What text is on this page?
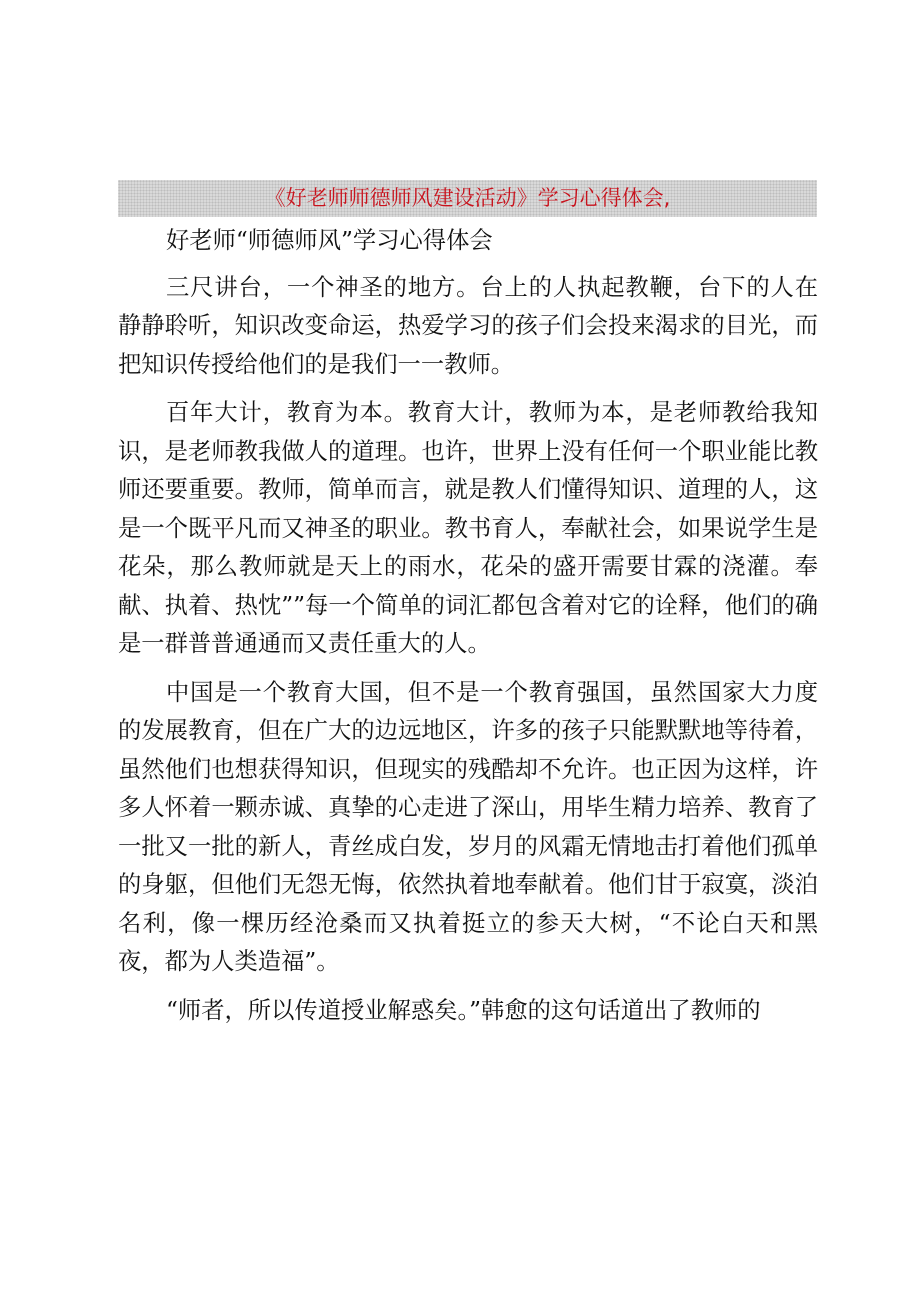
《好老师师德师风建设活动》学习心得体会,

好老师“师德师风”学习心得体会

三尺讲台，一个神圣的地方。台上的人执起教鞭，台下的人在静静聆听，知识改变命运，热爱学习的孩子们会投来渴求的目光，而把知识传授给他们的是我们一一教师。

百年大计，教育为本。教育大计，教师为本，是老师教给我知识，是老师教我做人的道理。也许，世界上没有任何一个职业能比教师还要重要。教师，简单而言，就是教人们懂得知识、道理的人，这是一个既平凡而又神圣的职业。教书育人，奉献社会，如果说学生是花朵，那么教师就是天上的雨水，花朵的盛开需要甘霖的浇灌。奉献、执着、热忱””每一个简单的词汇都包含着对它的诠释，他们的确是一群普普通通而又责任重大的人。

中国是一个教育大国，但不是一个教育强国，虽然国家大力度的发展教育，但在广大的边远地区，许多的孩子只能默默地等待着，虽然他们也想获得知识，但现实的残酷却不允许。也正因为这样，许多人怀着一颗赤诚、真挚的心走进了深山，用毕生精力培养、教育了一批又一批的新人，青丝成白发，岁月的风霜无情地击打着他们孤单的身躯，但他们无怨无悔，依然执着地奉献着。他们甘于寂寞，淡泊名利，像一棵历经沧桑而又执着挺立的参天大树，“不论白天和黑夜，都为人类造福”。

“师者，所以传道授业解惑矣。”韩愈的这句话道出了教师的
